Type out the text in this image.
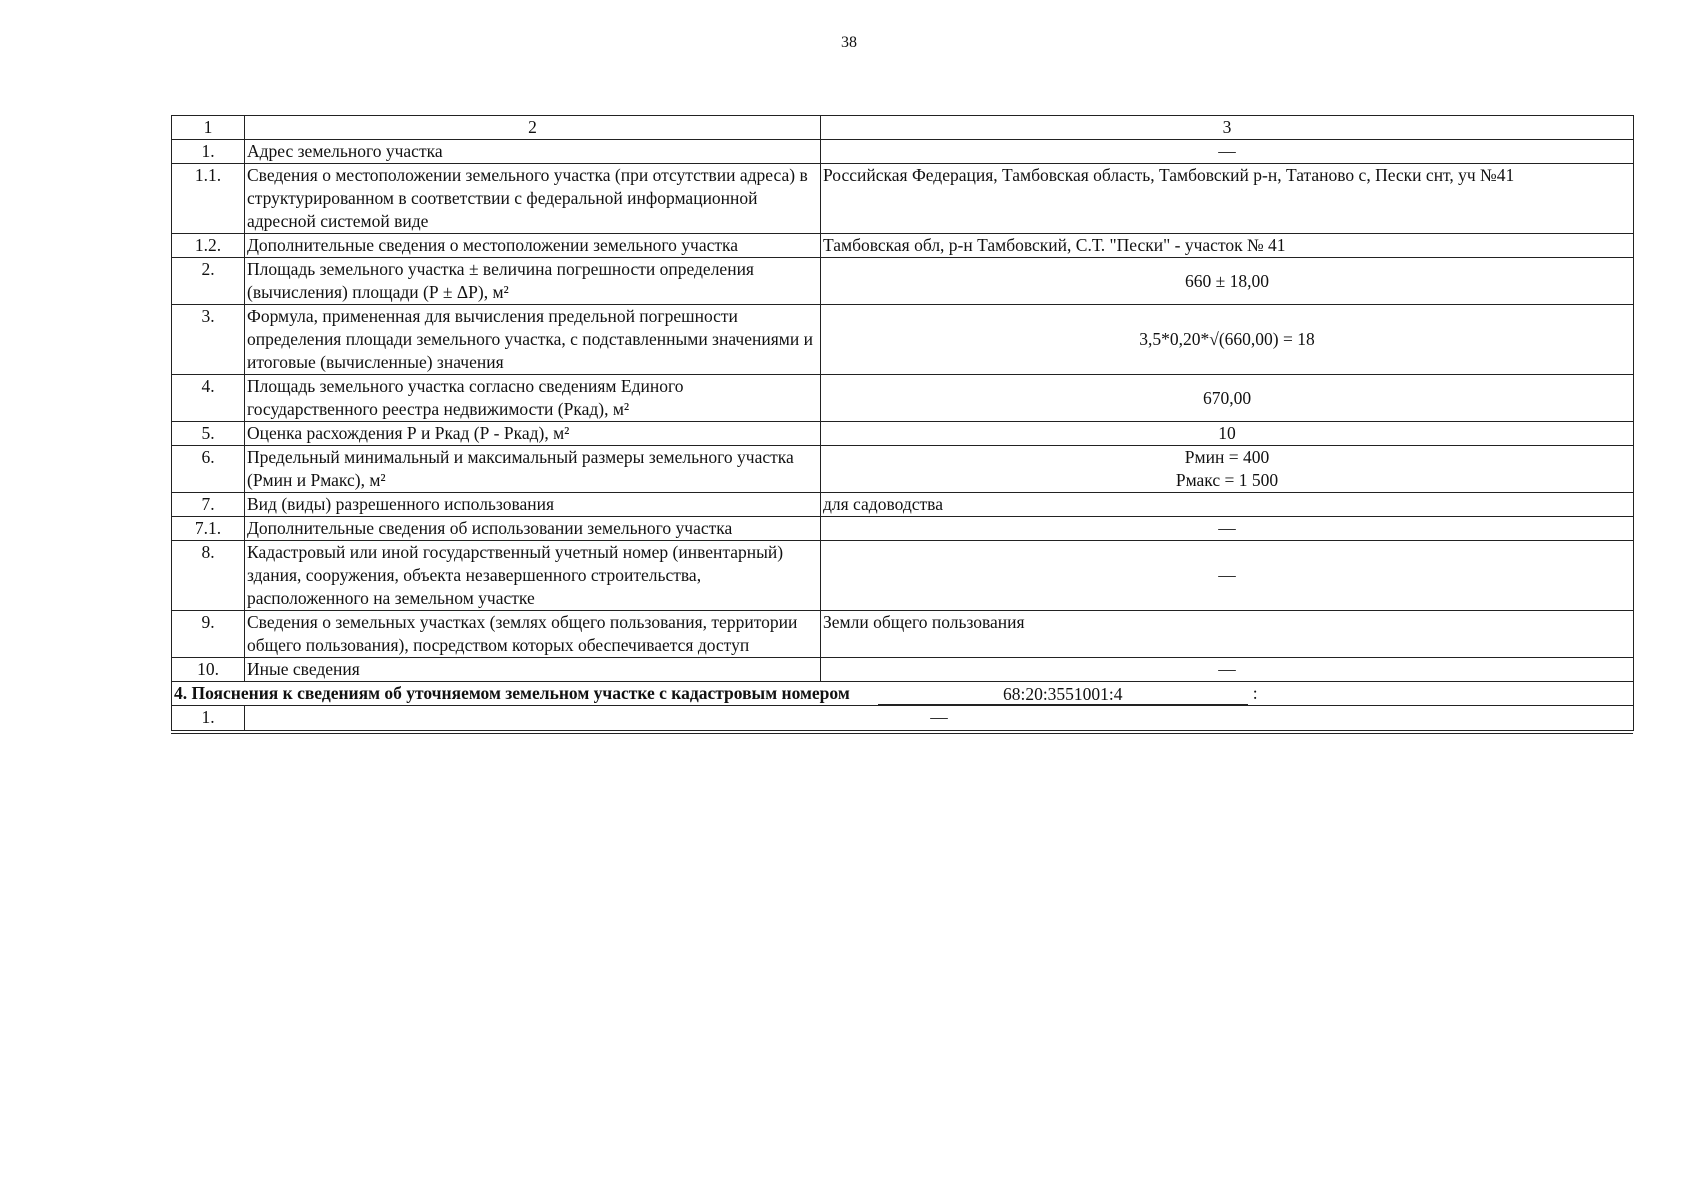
38
1	2	3
1.	Адрес земельного участка	—
1.1.	Сведения о местоположении земельного участка (при отсутствии адреса) в структурированном в соответствии с федеральной информационной адресной системой виде	Российская Федерация, Тамбовская область, Тамбовский р-н, Татаново с, Пески снт, уч №41
1.2.	Дополнительные сведения о местоположении земельного участка	Тамбовская обл, р-н Тамбовский, С.Т. "Пески" - участок № 41
2.	Площадь земельного участка ± величина погрешности определения (вычисления) площади (Р ± ΔР), м²	660 ± 18,00
3.	Формула, примененная для вычисления предельной погрешности определения площади земельного участка, с подставленными значениями и итоговые (вычисленные) значения	3,5*0,20*√(660,00) = 18
4.	Площадь земельного участка согласно сведениям Единого государственного реестра недвижимости (Ркад), м²	670,00
5.	Оценка расхождения Р и Ркад (Р - Ркад), м²	10
6.	Предельный минимальный и максимальный размеры земельного участка (Рмин и Рмакс), м²	Рмин = 400
Рмакс = 1 500

7.	Вид (виды) разрешенного использования	для садоводства
7.1.	Дополнительные сведения об использовании земельного участка	—
8.	Кадастровый или иной государственный учетный номер (инвентарный) здания, сооружения, объекта незавершенного строительства, расположенного на земельном участке	—
9.	Сведения о земельных участках (землях общего пользования, территории общего пользования), посредством которых обеспечивается доступ	Земли общего пользования
10.	Иные сведения	—

4. Пояснения к сведениям об уточняемом земельном участке с кадастровым номером 68:20:3551001:4 :		

1.	—	
